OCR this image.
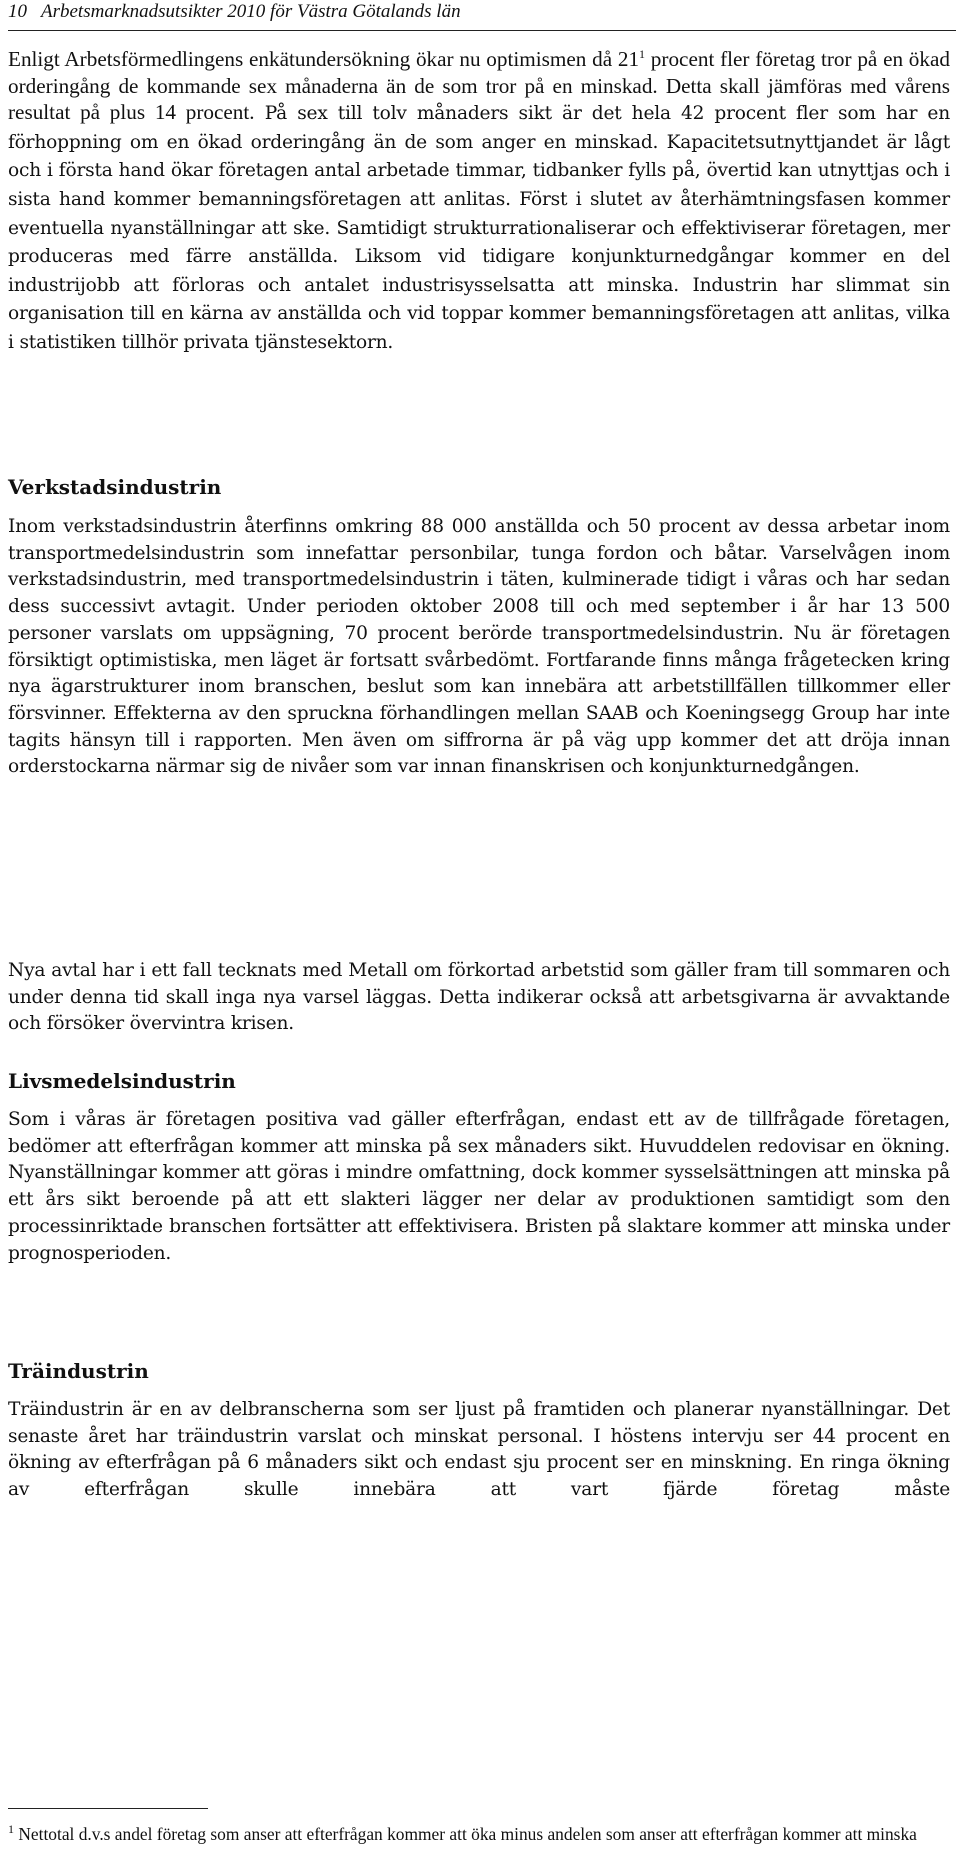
10 Arbetsmarknadsutsikter 2010 för Västra Götalands län

Enligt Arbetsförmedlingens enkätundersökning ökar nu optimismen då $21^1$ procent fler företag tror på en ökad orderingång de kommande sex månaderna än de som tror på en minskad. Detta skall jämföras med vårens resultat på plus 14 procent. På sex till tolv månaders sikt är det hela 42 procent fler som har en förhoppning om en ökad orderingång än de som anger en minskad. Kapacitetsutnyttjandet är lågt och i första hand ökar företagen antal arbetade timmar, tidbanker fylls på, övertid kan utnyttjas och i sista hand kommer bemanningsföretagen att anlitas. Först i slutet av återhämtningsfasen kommer eventuella nyanställningar att ske. Samtidigt strukturrationaliserar och effektiviserar företagen, mer produceras med färre anställda. Liksom vid tidigare konjunkturnedgångar kommer en del industrijobb att förloras och antalet industrisysselsatta att minska. Industrin har slimmat sin organisation till en kärna av anställda och vid toppar kommer bemanningsföretagen att anlitas, vilka i statistiken tillhör privata tjänstesektorn.

Verkstadsindustrin

Inom verkstadsindustrin återfinns omkring 88 000 anställda och 50 procent av dessa arbetar inom transportmedelsindustrin som innefattar personbilar, tunga fordon och båtar. Varselvågen inom verkstadsindustrin, med transportmedelsindustrin i täten, kulminerade tidigt i våras och har sedan dess successivt avtagit. Under perioden oktober 2008 till och med september i år har 13 500 personer varslats om uppsägning, 70 procent berörde transportmedelsindustrin. Nu är företagen försiktigt optimistiska, men läget är fortsatt svårbedömt. Fortfarande finns många frågetecken kring nya ägarstrukturer inom branschen, beslut som kan innebära att arbetstillfällen tillkommer eller försvinner. Effekterna av den spruckna förhandlingen mellan SAAB och Koeningsegg Group har inte tagits hänsyn till i rapporten. Men även om siffrorna är på väg upp kommer det att dröja innan orderstockarna närmar sig de nivåer som var innan finanskrisen och konjunkturnedgången.

Nya avtal har i ett fall tecknats med Metall om förkortad arbetstid som gäller fram till sommaren och under denna tid skall inga nya varsel läggas. Detta indikerar också att arbetsgivarna är avvaktande och försöker övervintra krisen.

Livsmedelsindustrin

Som i våras är företagen positiva vad gäller efterfrågan, endast ett av de tillfrågade företagen, bedömer att efterfrågan kommer att minska på sex månaders sikt. Huvuddelen redovisar en ökning. Nyanställningar kommer att göras i mindre omfattning, dock kommer sysselsättningen att minska på ett års sikt beroende på att ett slakteri lägger ner delar av produktionen samtidigt som den processinriktade branschen fortsätter att effektivisera. Bristen på slaktare kommer att minska under prognosperioden.

Träindustrin

Träindustrin är en av delbranscherna som ser ljust på framtiden och planerar nyanställningar. Det senaste året har träindustrin varslat och minskat personal. I höstens intervju ser 44 procent en ökning av efterfrågan på 6 månaders sikt och endast sju procent ser en minskning. En ringa ökning av efterfrågan skulle innebära att vart fjärde företag måste

$^1$ Nettotal d.v.s andel företag som anser att efterfrågan kommer att öka minus andelen som anser att efterfrågan kommer att minska
